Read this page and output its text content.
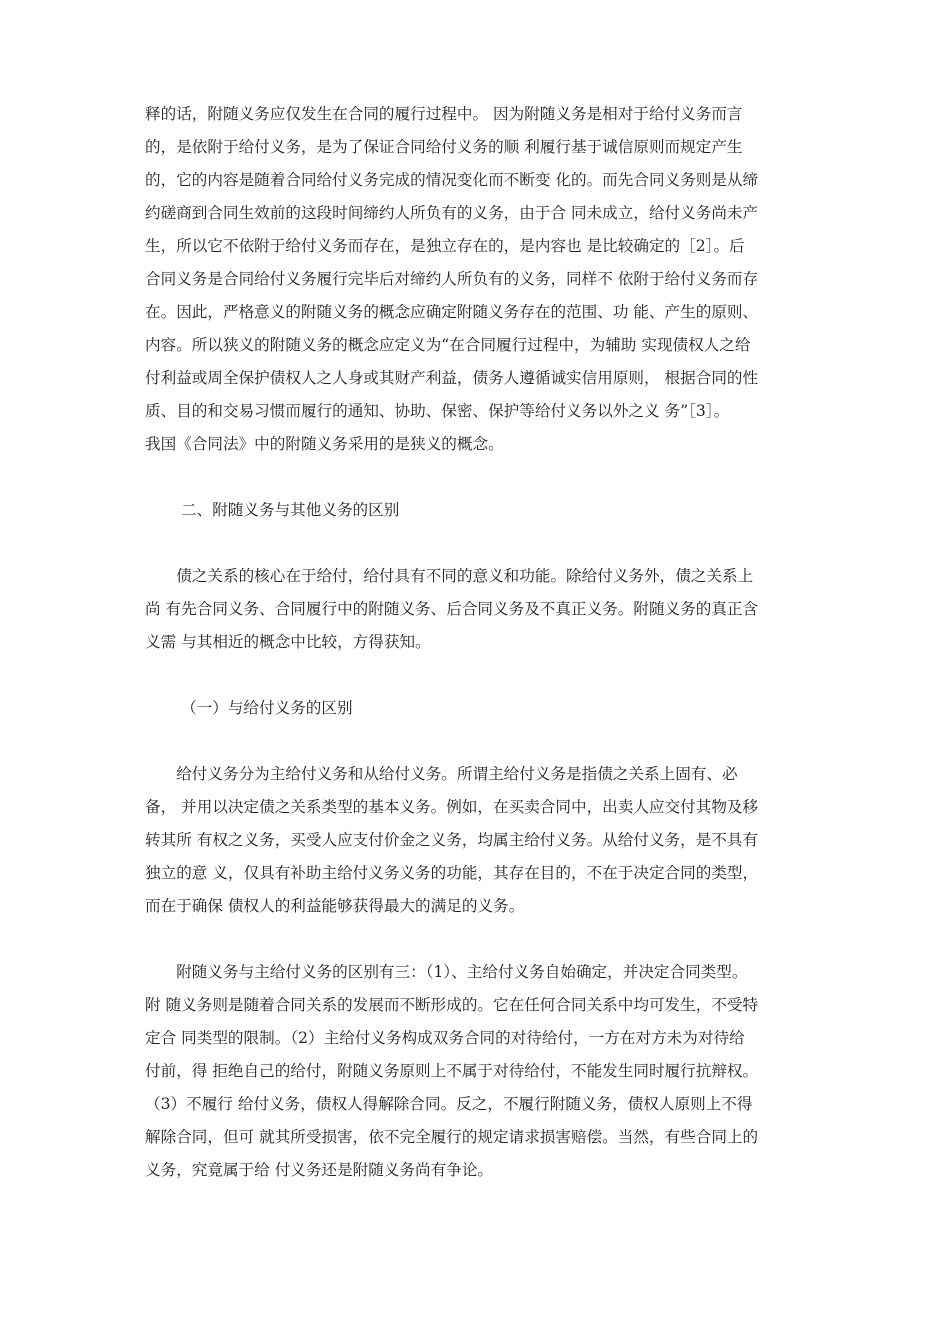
释的话，附随义务应仅发生在合同的履行过程中。 因为附随义务是相对于给付义务而言
的，是依附于给付义务，是为了保证合同给付义务的顺 利履行基于诚信原则而规定产生
的，它的内容是随着合同给付义务完成的情况变化而不断变 化的。而先合同义务则是从缔
约磋商到合同生效前的这段时间缔约人所负有的义务，由于合 同未成立，给付义务尚未产
生，所以它不依附于给付义务而存在，是独立存在的，是内容也 是比较确定的［2］。后
合同义务是合同给付义务履行完毕后对缔约人所负有的义务，同样不 依附于给付义务而存
在。因此，严格意义的附随义务的概念应确定附随义务存在的范围、功 能、产生的原则、
内容。所以狭义的附随义务的概念应定义为“在合同履行过程中，为辅助 实现债权人之给
付利益或周全保护债权人之人身或其财产利益，债务人遵循诚实信用原则， 根据合同的性
质、目的和交易习惯而履行的通知、协助、保密、保护等给付义务以外之义 务”［3］。
我国《合同法》中的附随义务采用的是狭义的概念。

二、附随义务与其他义务的区别

债之关系的核心在于给付，给付具有不同的意义和功能。除给付义务外，债之关系上
尚 有先合同义务、合同履行中的附随义务、后合同义务及不真正义务。附随义务的真正含
义需 与其相近的概念中比较，方得获知。

（一）与给付义务的区别

给付义务分为主给付义务和从给付义务。所谓主给付义务是指债之关系上固有、必
备， 并用以决定债之关系类型的基本义务。例如，在买卖合同中，出卖人应交付其物及移
转其所 有权之义务，买受人应支付价金之义务，均属主给付义务。从给付义务，是不具有
独立的意 义，仅具有补助主给付义务义务的功能，其存在目的，不在于决定合同的类型，
而在于确保 债权人的利益能够获得最大的满足的义务。

附随义务与主给付义务的区别有三：（1）、主给付义务自始确定，并决定合同类型。
附 随义务则是随着合同关系的发展而不断形成的。它在任何合同关系中均可发生，不受特
定合 同类型的限制。（2）主给付义务构成双务合同的对待给付，一方在对方未为对待给
付前，得 拒绝自己的给付，附随义务原则上不属于对待给付，不能发生同时履行抗辩权。
（3）不履行 给付义务，债权人得解除合同。反之，不履行附随义务，债权人原则上不得
解除合同，但可 就其所受损害，依不完全履行的规定请求损害赔偿。当然，有些合同上的
义务，究竟属于给 付义务还是附随义务尚有争论。
